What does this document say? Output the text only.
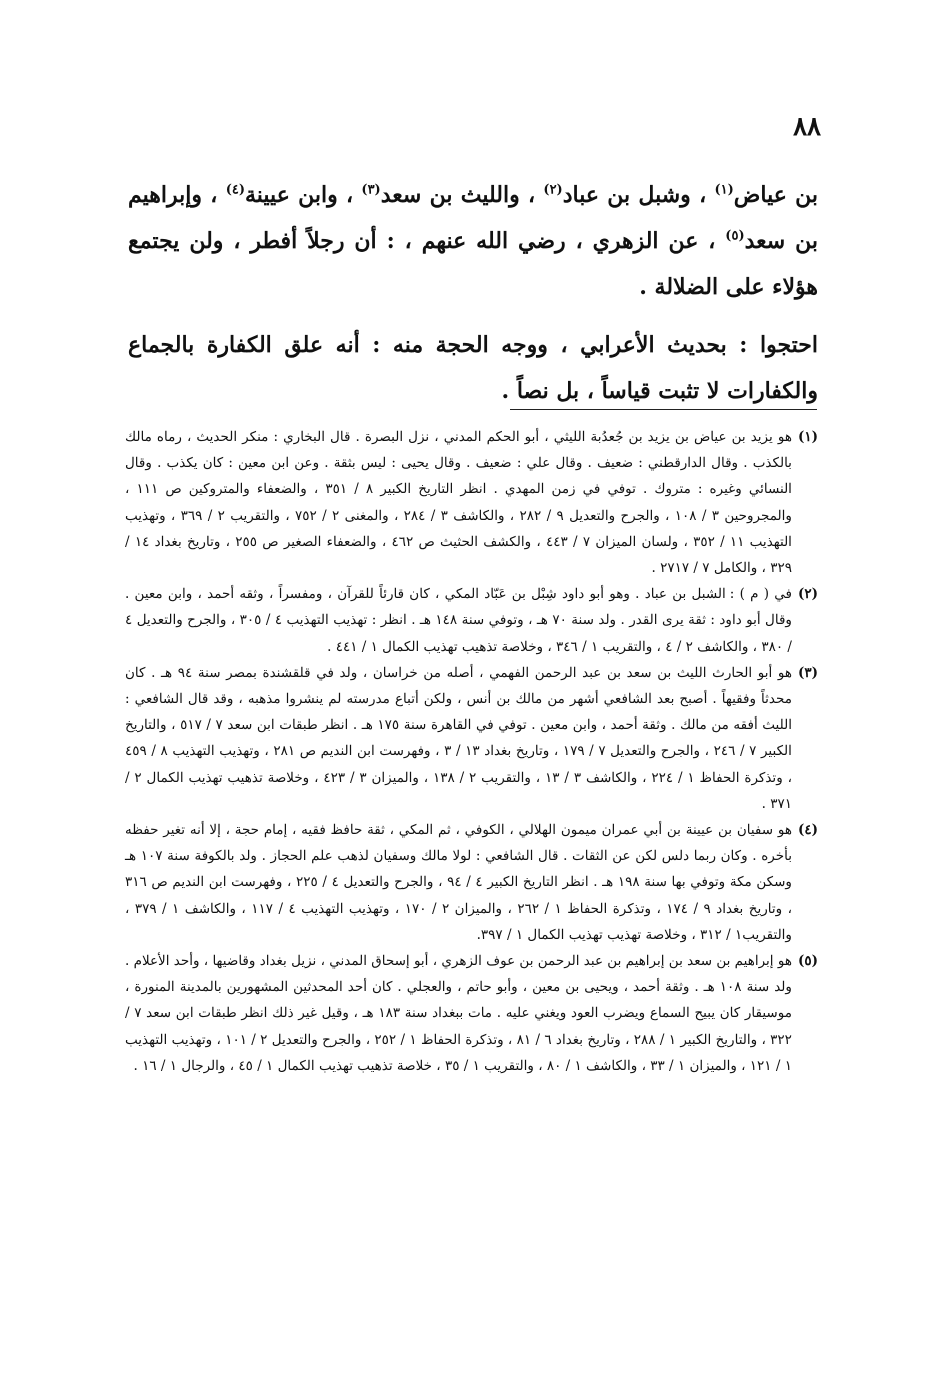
٨٨

بن عياض$^{(١)}$ ، وشبل بن عباد$^{(٢)}$ ، والليث بن سعد$^{(٣)}$ ، وابن عيينة$^{(٤)}$ ، وإبراهيم بن سعد$^{(٥)}$ ، عن الزهري ، رضي الله عنهم ، : أن رجلاً أفطر ، ولن يجتمع هؤلاء على الضلالة .

احتجوا : بحديث الأعرابي ، ووجه الحجة منه : أنه علق الكفارة بالجماع والكفارات لا تثبت قياساً ، بل نصاً .

(١)
هو يزيد بن عياض بن يزيد بن جُعدُبة الليثي ، أبو الحكم المدني ، نزل البصرة . قال البخاري : منكر الحديث ، رماه مالك بالكذب . وقال الدارقطني : ضعيف . وقال علي : ضعيف . وقال يحيى : ليس بثقة . وعن ابن معين : كان يكذب . وقال النسائي وغيره : متروك . توفي في زمن المهدي . انظر التاريخ الكبير ٨ / ٣٥١ ، والضعفاء والمتروكين ص ١١١ ، والمجروحين ٣ / ١٠٨ ، والجرح والتعديل ٩ / ٢٨٢ ، والكاشف ٣ / ٢٨٤ ، والمغنى ٢ / ٧٥٢ ، والتقريب ٢ / ٣٦٩ ، وتهذيب التهذيب ١١ / ٣٥٢ ، ولسان الميزان ٧ / ٤٤٣ ، والكشف الحثيث ص ٤٦٢ ، والضعفاء الصغير ص ٢٥٥ ، وتاريخ بغداد ١٤ / ٣٢٩ ، والكامل ٧ / ٢٧١٧ .
(٢)
في ( م ) :الشبل بن عباد . وهو أبو داود شِبْل بن عَبّاد المكي ، كان قارئاً للقرآن ، ومفسراً ، وثقه أحمد ، وابن معين . وقال أبو داود : ثقة يرى القدر . ولد سنة ٧٠ هـ ، وتوفي سنة ١٤٨ هـ . انظر : تهذيب التهذيب ٤ / ٣٠٥ ، والجرح والتعديل ٤ / ٣٨٠ ، والكاشف ٢ / ٤ ، والتقريب ١ / ٣٤٦ ، وخلاصة تذهيب تهذيب الكمال ١ / ٤٤١ .
(٣)
هو أبو الحارث الليث بن سعد بن عبد الرحمن الفهمي ، أصله من خراسان ، ولد في قلقشندة بمصر سنة ٩٤ هـ . كان محدثاً وفقيهاً . أصبح بعد الشافعي أشهر من مالك بن أنس ، ولكن أتباع مدرسته لم ينشروا مذهبه ، وقد قال الشافعي : الليث أفقه من مالك . وثقة أحمد ، وابن معين . توفي في القاهرة سنة ١٧٥ هـ . انظر طبقات ابن سعد ٧ / ٥١٧ ، والتاريخ الكبير ٧ / ٢٤٦ ، والجرح والتعديل ٧ / ١٧٩ ، وتاريخ بغداد ١٣ / ٣ ، وفهرست ابن النديم ص ٢٨١ ، وتهذيب التهذيب ٨ / ٤٥٩ ، وتذكرة الحفاظ ١ / ٢٢٤ ، والكاشف ٣ / ١٣ ، والتقريب ٢ / ١٣٨ ، والميزان ٣ / ٤٢٣ ، وخلاصة تذهيب تهذيب الكمال ٢ / ٣٧١ .
(٤)
هو سفيان بن عيينة بن أبي عمران ميمون الهلالي ، الكوفي ، ثم المكي ، ثقة حافظ فقيه ، إمام حجة ، إلا أنه تغير حفظه بأخره . وكان ربما دلس لكن عن الثقات . قال الشافعي : لولا مالك وسفيان لذهب علم الحجاز . ولد بالكوفة سنة ١٠٧ هـ وسكن مكة وتوفي بها سنة ١٩٨ هـ . انظر التاريخ الكبير ٤ / ٩٤ ، والجرح والتعديل ٤ / ٢٢٥ ، وفهرست ابن النديم ص ٣١٦ ، وتاريخ بغداد ٩ / ١٧٤ ، وتذكرة الحفاظ ١ / ٢٦٢ ، والميزان ٢ / ١٧٠ ، وتهذيب التهذيب ٤ / ١١٧ ، والكاشف ١ / ٣٧٩ ، والتقريب١ / ٣١٢ ، وخلاصة تهذيب تهذيب الكمال ١ / ٣٩٧.
(٥)
هو إبراهيم بن سعد بن إبراهيم بن عبد الرحمن بن عوف الزهري ، أبو إسحاق المدني ، نزيل بغداد وقاضيها ، وأحد الأعلام . ولد سنة ١٠٨ هـ . وثقة أحمد ، ويحيى بن معين ، وأبو حاتم ، والعجلي . كان أحد المحدثين المشهورين بالمدينة المنورة ، موسيقار كان يبيح السماع ويضرب العود ويغني عليه . مات ببغداد سنة ١٨٣ هـ ، وقيل غير ذلك انظر طبقات ابن سعد ٧ / ٣٢٢ ، والتاريخ الكبير ١ / ٢٨٨ ، وتاريخ بغداد ٦ / ٨١ ، وتذكرة الحفاظ ١ / ٢٥٢ ، والجرح والتعديل ٢ / ١٠١ ، وتهذيب التهذيب ١ / ١٢١ ، والميزان ١ / ٣٣ ، والكاشف ١ / ٨٠ ، والتقريب ١ / ٣٥ ، خلاصة تذهيب تهذيب الكمال ١ / ٤٥ ، والرجال ١ / ١٦ .
